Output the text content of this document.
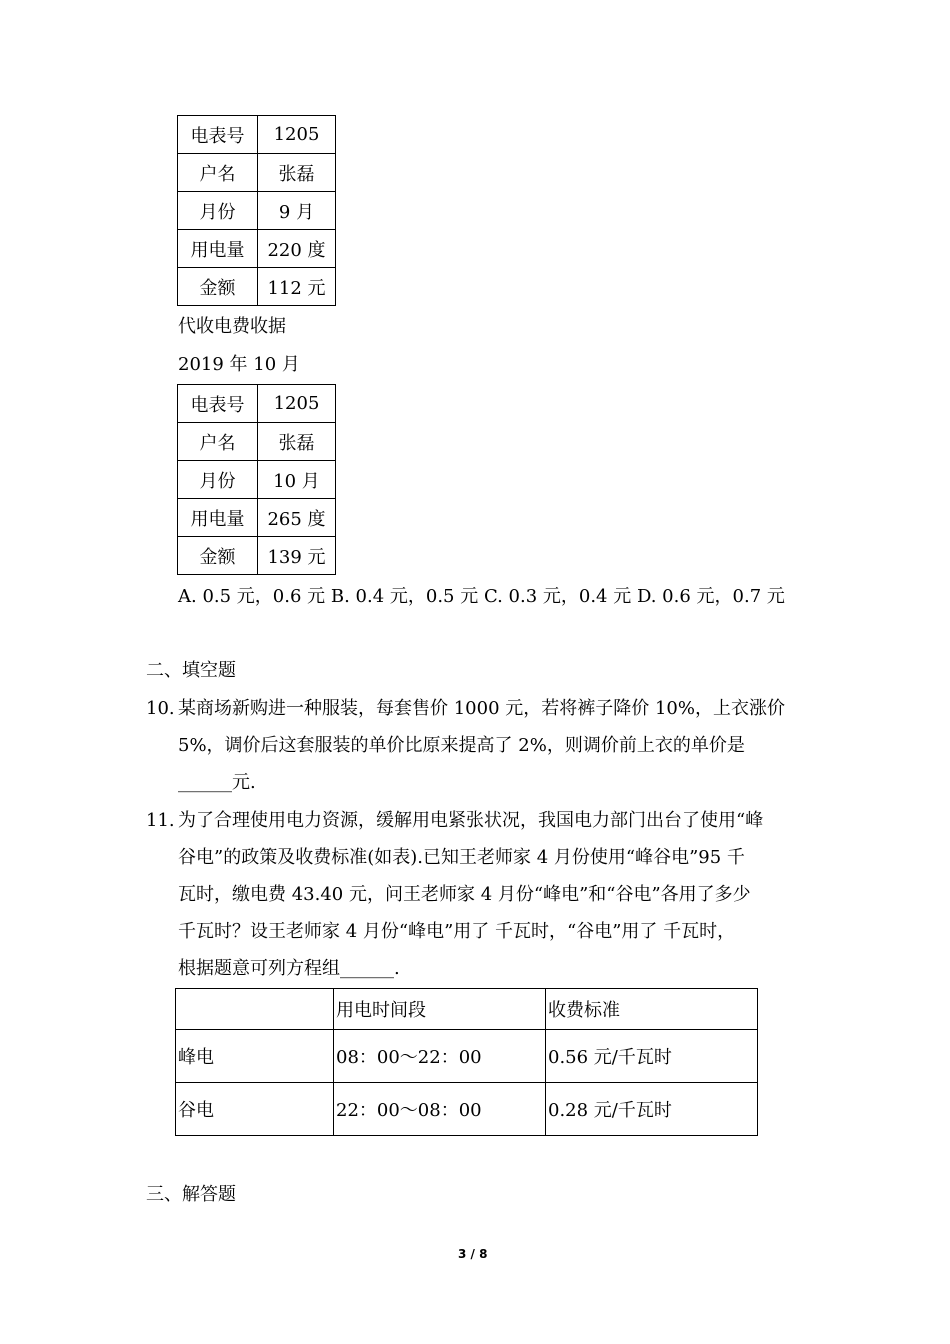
电表号	1205
户名	张磊
月份	9 月
用电量	220 度
金额	112 元
代收电费收据
2019 年 10 月
电表号	1205
户名	张磊
月份	10 月
用电量	265 度
金额	139 元
A. 0.5 元，0.6 元 B. 0.4 元，0.5 元 C. 0.3 元，0.4 元 D. 0.6 元，0.7 元
二、填空题
10. 某商场新购进一种服装，每套售价 1000 元，若将裤子降价 10%，上衣涨价
5%，调价后这套服装的单价比原来提高了 2%，则调价前上衣的单价是
______元.
11. 为了合理使用电力资源，缓解用电紧张状况，我国电力部门出台了使用“峰
谷电”的政策及收费标准(如表).已知王老师家 4 月份使用“峰谷电”95 千
瓦时，缴电费 43.40 元，问王老师家 4 月份“峰电”和“谷电”各用了多少
千瓦时？设王老师家 4 月份“峰电”用了 千瓦时，“谷电”用了 千瓦时，
根据题意可列方程组______.
	用电时间段	收费标准
峰电	08：00～22：00	0.56 元/千瓦时
谷电	22：00～08：00	0.28 元/千瓦时
三、解答题
3 / 8
